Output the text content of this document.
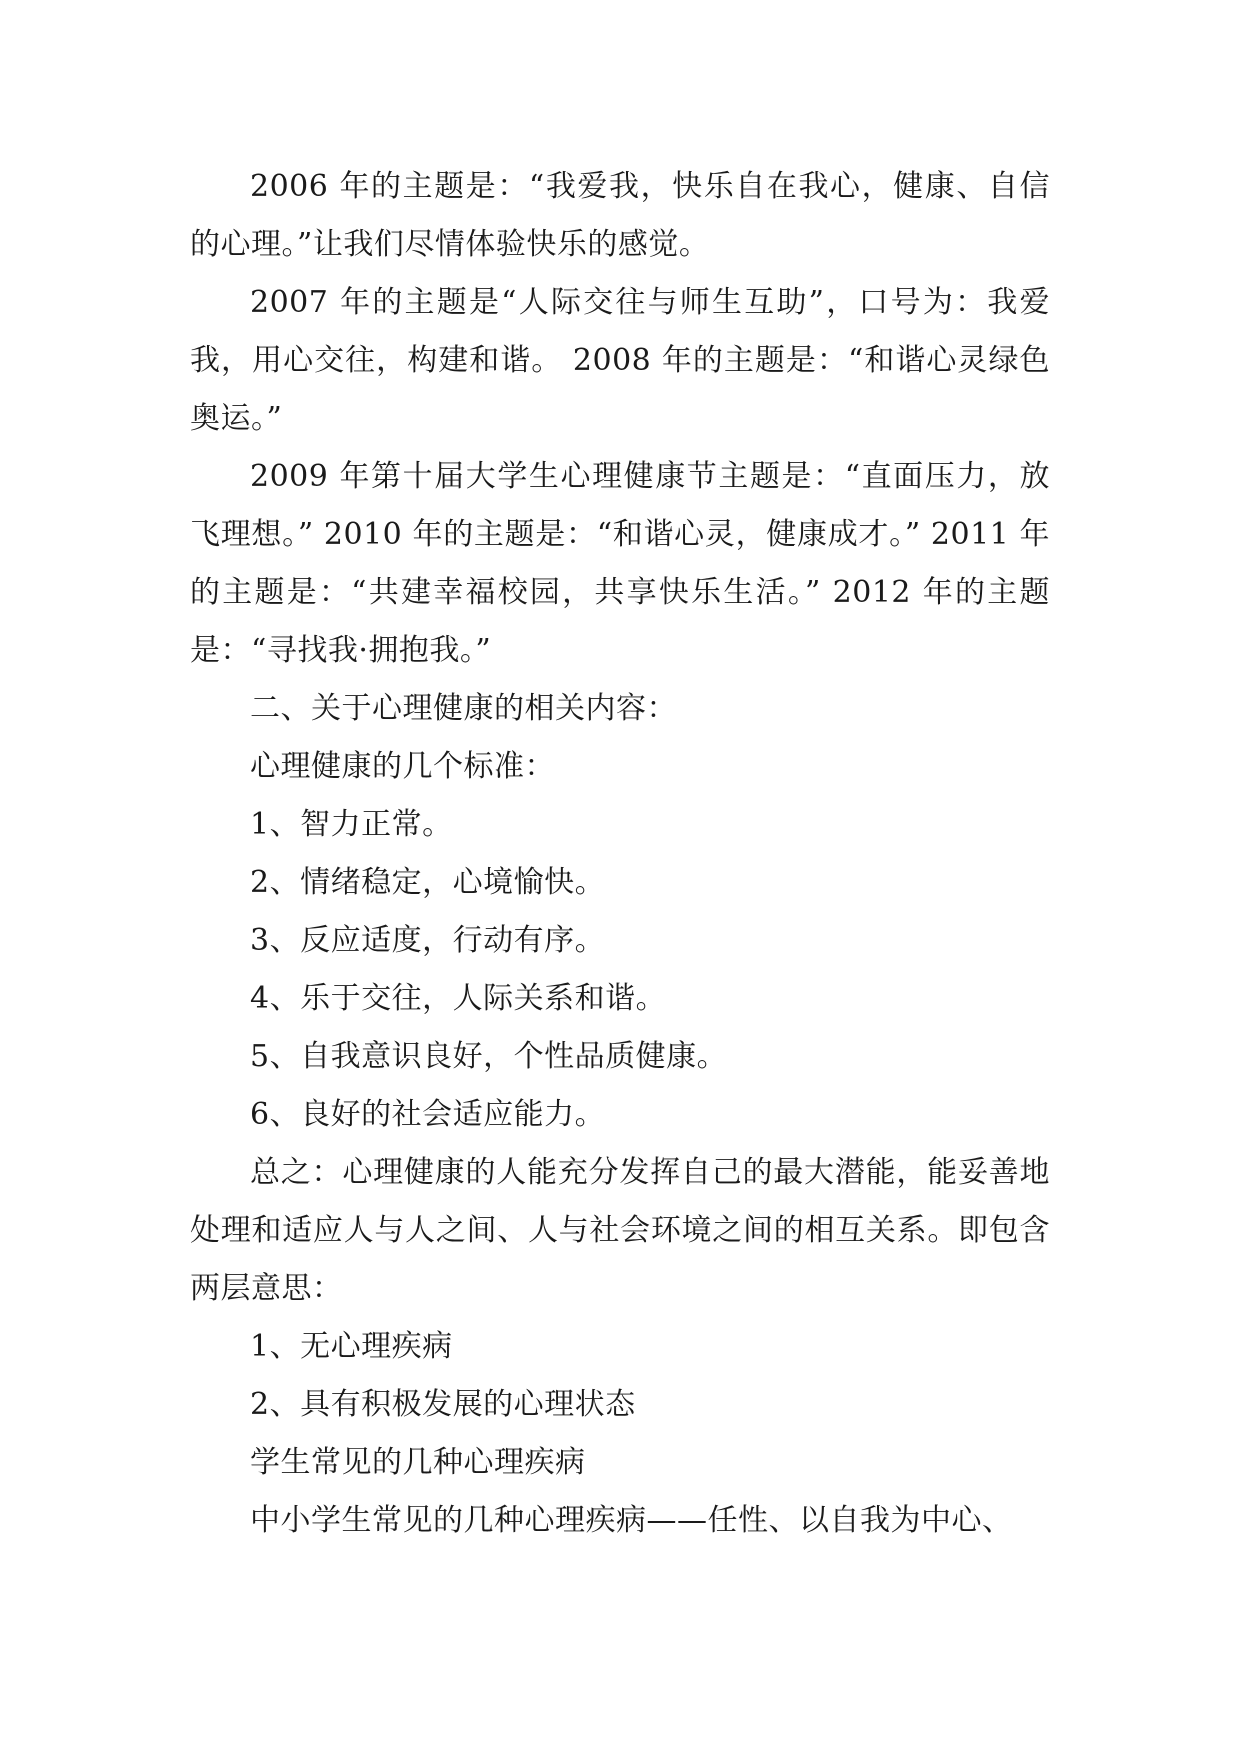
2006 年的主题是：“我爱我，快乐自在我心，健康、自信的心理。”让我们尽情体验快乐的感觉。

2007 年的主题是“人际交往与师生互助”，口号为：我爱我，用心交往，构建和谐。 2008 年的主题是：“和谐心灵绿色奥运。”

2009 年第十届大学生心理健康节主题是：“直面压力，放飞理想。” 2010 年的主题是：“和谐心灵，健康成才。” 2011 年的主题是：“共建幸福校园，共享快乐生活。” 2012 年的主题是：“寻找我·拥抱我。”

二、关于心理健康的相关内容：

心理健康的几个标准：

1、智力正常。

2、情绪稳定，心境愉快。

3、反应适度，行动有序。

4、乐于交往，人际关系和谐。

5、自我意识良好，个性品质健康。

6、良好的社会适应能力。

总之：心理健康的人能充分发挥自己的最大潜能，能妥善地处理和适应人与人之间、人与社会环境之间的相互关系。即包含两层意思：

1、无心理疾病

2、具有积极发展的心理状态

学生常见的几种心理疾病

中小学生常见的几种心理疾病——任性、以自我为中心、
